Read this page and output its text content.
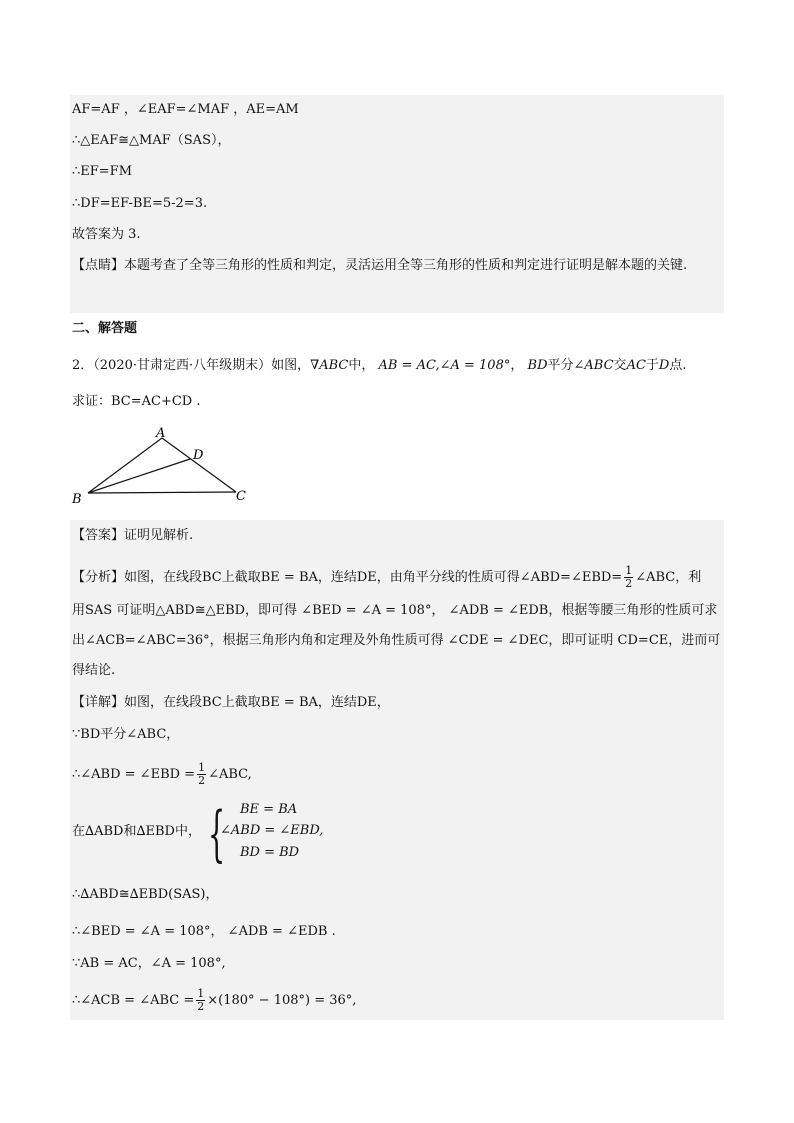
AF=AF ，∠EAF=∠MAF ，AE=AM
∴△EAF≅△MAF（SAS），
∴EF=FM
∴DF=EF-BE=5-2=3.
故答案为 3.
【点睛】本题考查了全等三角形的性质和判定，灵活运用全等三角形的性质和判定进行证明是解本题的关键.
二、解答题
2．（2020·甘肃定西·八年级期末）如图，∇ABC中， AB = AC,∠A = 108°， BD平分∠ABC交AC于D点.
求证：BC=AC+CD .
A
D
B	C
【答案】证明见解析.
【分析】如图，在线段BC上截取BE = BA，连结DE，由角平分线的性质可得∠ABD=∠EBD= $\frac{1}{2}$ ∠ABC，利
用SAS 可证明△ABD≅△EBD，即可得 ∠BED = ∠A = 108°， ∠ADB = ∠EDB，根据等腰三角形的性质可求
出∠ACB=∠ABC=36°，根据三角形内角和定理及外角性质可得 ∠CDE = ∠DEC，即可证明 CD=CE，进而可
得结论.
【详解】如图，在线段BC上截取BE = BA，连结DE，
∵BD平分∠ABC，
∴∠ABD = ∠EBD = $\frac{1}{2}$ ∠ABC,
在∆ABD和∆EBD中， { BE = BA
∠ABD = ∠EBD,
BD = BD
∴∆ABD≅∆EBD(SAS)，
∴∠BED = ∠A = 108°， ∠ADB = ∠EDB .
∵AB = AC，∠A = 108°,
∴∠ACB = ∠ABC = $\frac{1}{2} \times(180^\circ - 108^\circ) = 36^\circ$,
